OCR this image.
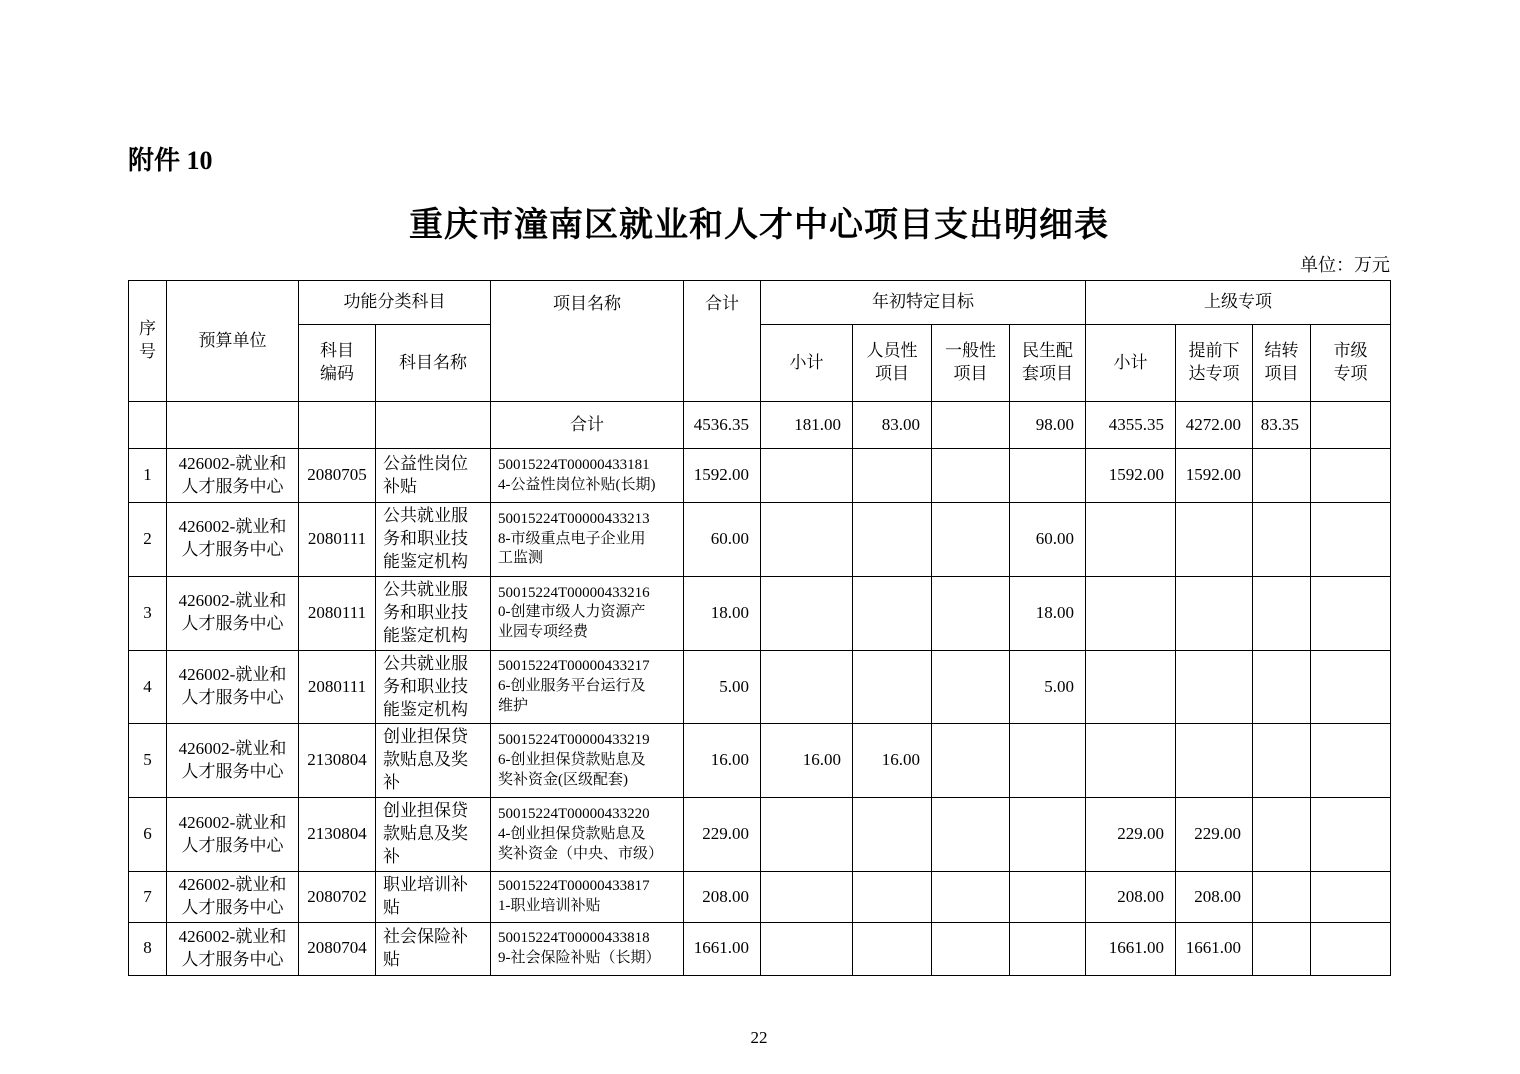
附件 10
重庆市潼南区就业和人才中心项目支出明细表
单位：万元
序号	预算单位	功能分类科目		项目名称	合计	年初特定目标				上级专项			
		科目编码	科目名称			小计	人员性项目	一般性项目	民生配套项目	小计	提前下达专项	结转项目	市级专项
				合计	4536.35	181.00	83.00		98.00	4355.35	4272.00	83.35	
1	426002-就业和人才服务中心	2080705	公益性岗位补贴	50015224T000004331814-公益性岗位补贴(长期)	1592.00					1592.00	1592.00		
2	426002-就业和人才服务中心	2080111	公共就业服务和职业技能鉴定机构	50015224T000004332138-市级重点电子企业用工监测	60.00				60.00				
3	426002-就业和人才服务中心	2080111	公共就业服务和职业技能鉴定机构	50015224T000004332160-创建市级人力资源产业园专项经费	18.00				18.00				
4	426002-就业和人才服务中心	2080111	公共就业服务和职业技能鉴定机构	50015224T000004332176-创业服务平台运行及维护	5.00				5.00				
5	426002-就业和人才服务中心	2130804	创业担保贷款贴息及奖补	50015224T000004332196-创业担保贷款贴息及奖补资金(区级配套)	16.00	16.00	16.00						
6	426002-就业和人才服务中心	2130804	创业担保贷款贴息及奖补	50015224T000004332204-创业担保贷款贴息及奖补资金（中央、市级）	229.00					229.00	229.00		
7	426002-就业和人才服务中心	2080702	职业培训补贴	50015224T000004338171-职业培训补贴	208.00					208.00	208.00		
8	426002-就业和人才服务中心	2080704	社会保险补贴	50015224T000004338189-社会保险补贴（长期）	1661.00					1661.00	1661.00		
22
